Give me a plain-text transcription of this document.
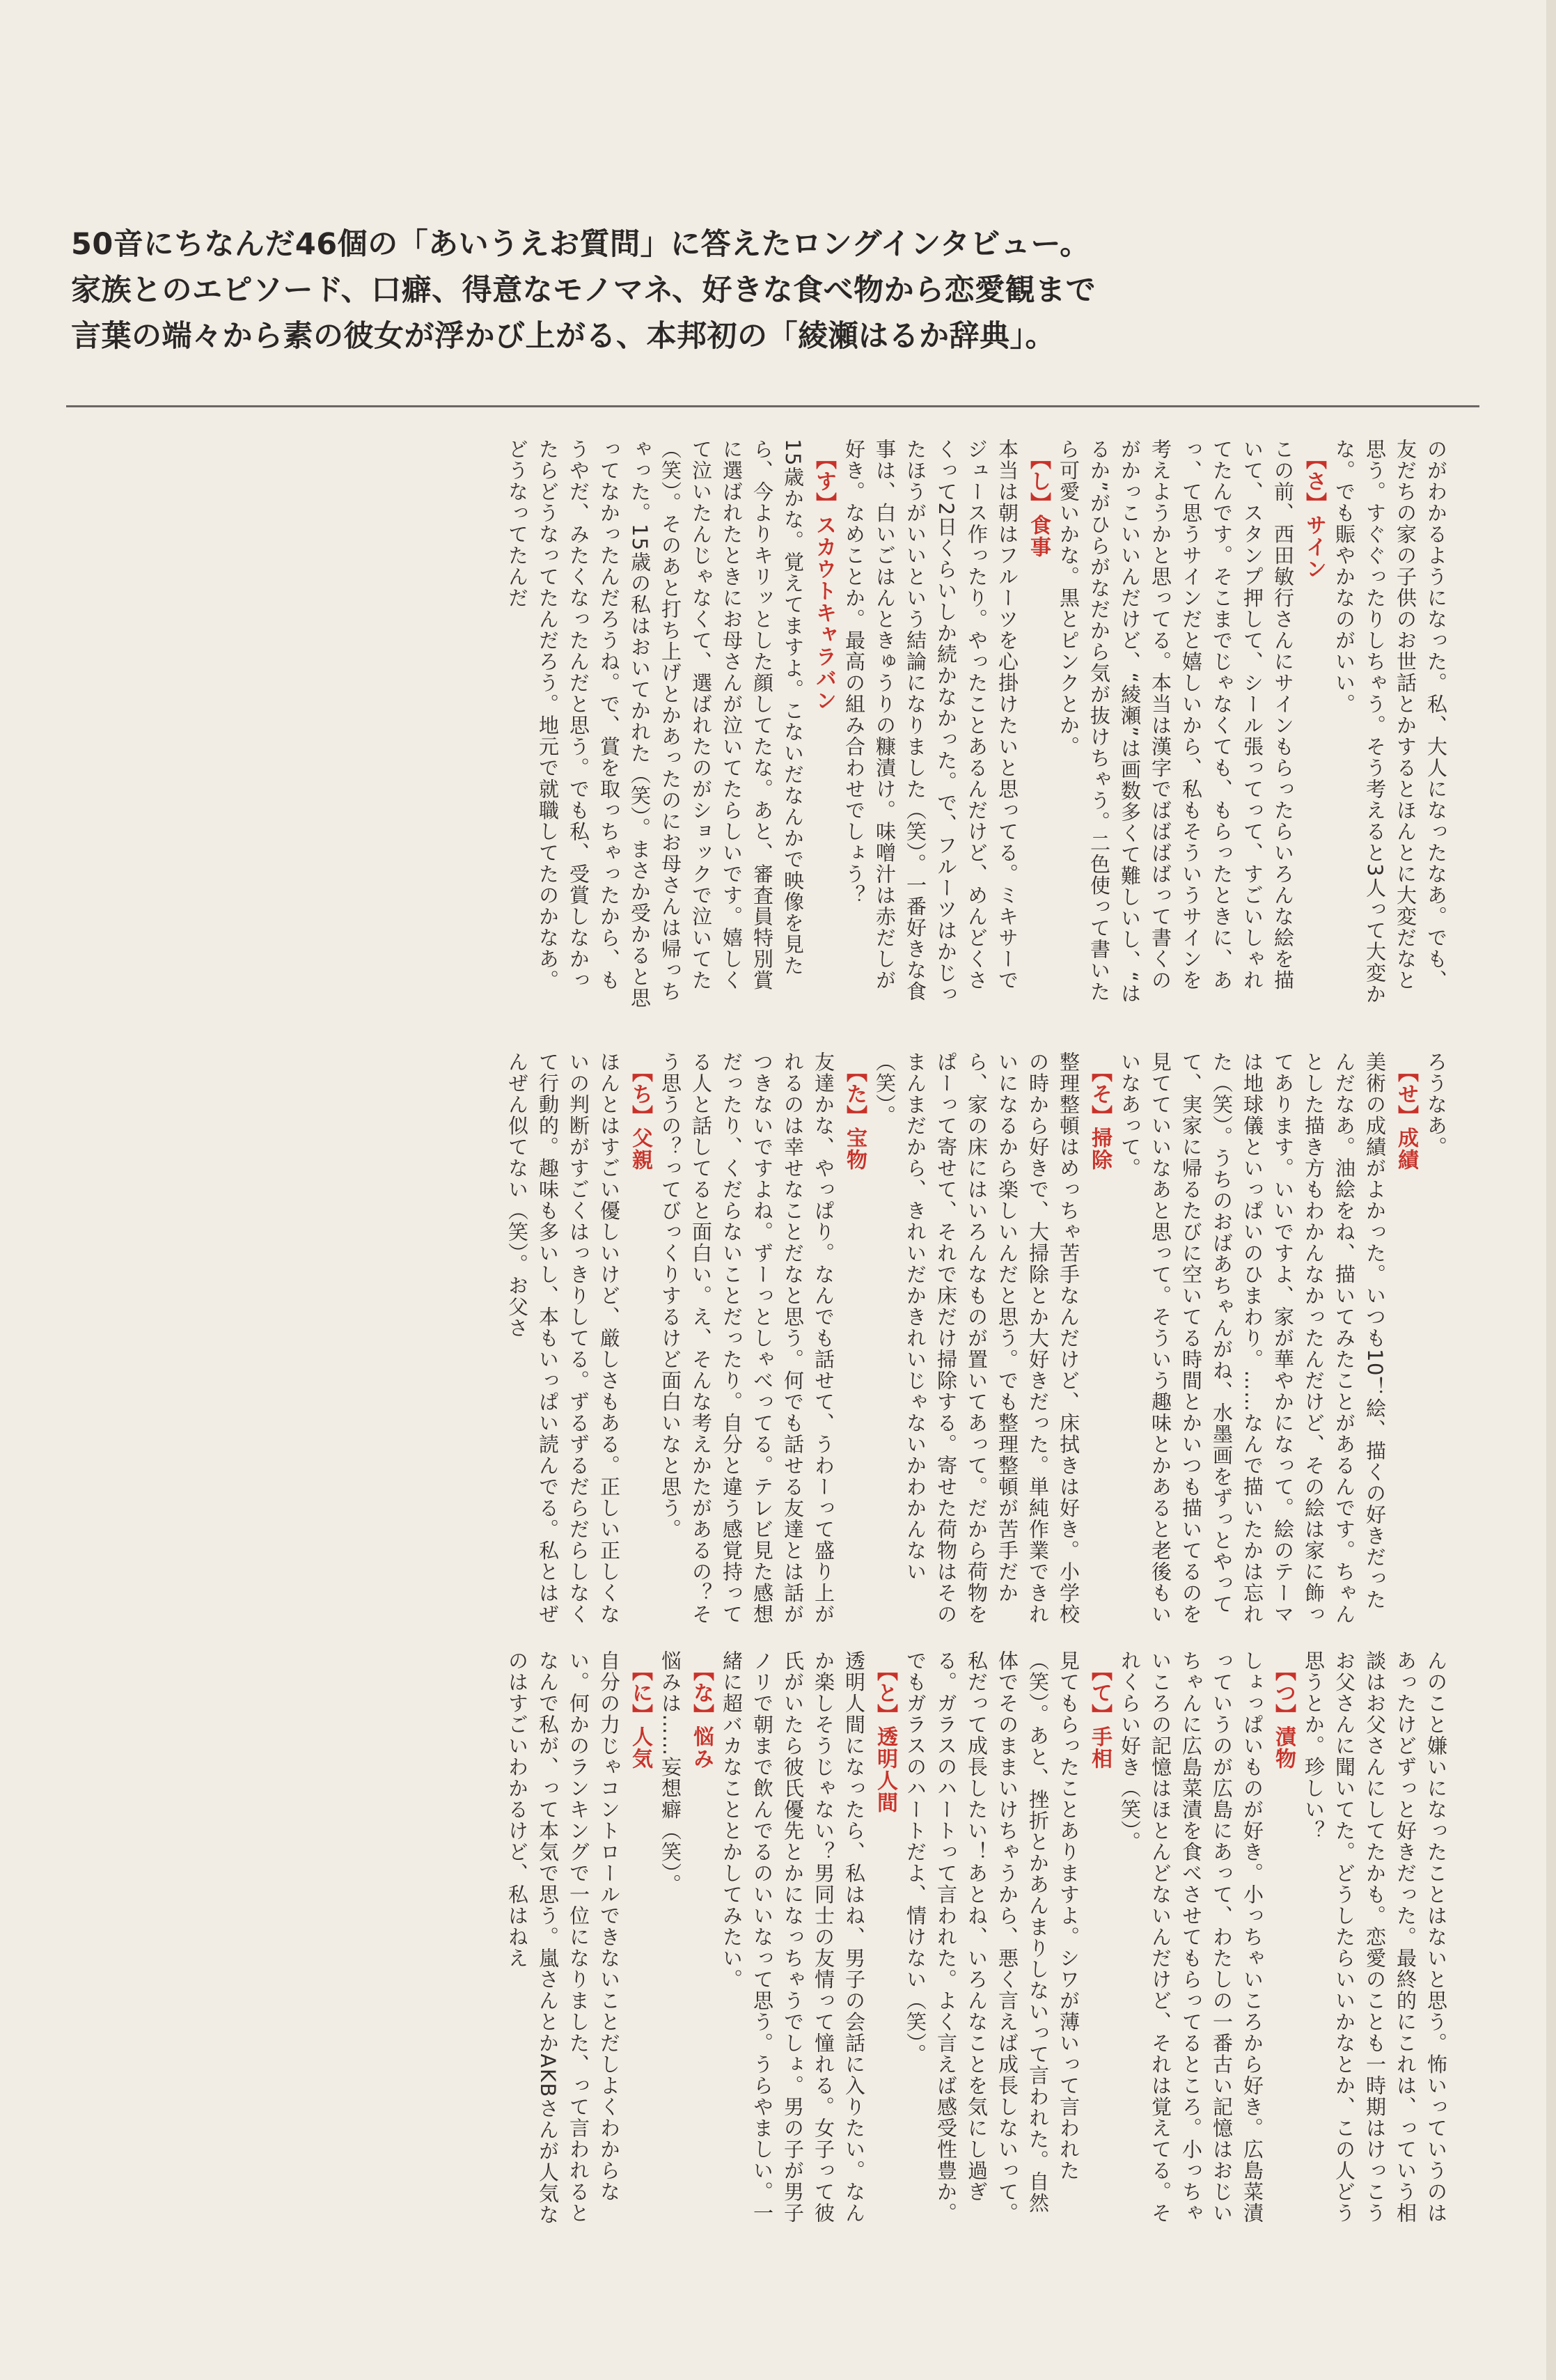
50音にちなんだ46個の「あいうえお質問」に答えたロングインタビュー。
家族とのエピソード、口癖、得意なモノマネ、好きな食べ物から恋愛観まで
言葉の端々から素の彼女が浮かび上がる、本邦初の「綾瀬はるか辞典」。
のがわかるようになった。私、大人になったなあ。でも、友だちの家の子供のお世話とかするとほんとに大変だなと思う。すぐぐったりしちゃう。そう考えると3人って大変かな。でも賑やかなのがいい。
【さ】サイン
この前、西田敏行さんにサインもらったらいろんな絵を描いて、スタンプ押して、シール張ってって、すごいしゃれてたんです。そこまでじゃなくても、もらったときに、あっ、て思うサインだと嬉しいから、私もそういうサインを考えようかと思ってる。本当は漢字でばばばばって書くのがかっこいいんだけど、“綾瀬”は画数多くて難しいし、“はるか”がひらがなだから気が抜けちゃう。二色使って書いたら可愛いかな。黒とピンクとか。
【し】食事
本当は朝はフルーツを心掛けたいと思ってる。ミキサーでジュース作ったり。やったことあるんだけど、めんどくさくって2日くらいしか続かなかった。で、フルーツはかじったほうがいいという結論になりました（笑）。一番好きな食事は、白いごはんときゅうりの糠漬け。味噌汁は赤だしが好き。なめことか。最高の組み合わせでしょう？
【す】スカウトキャラバン
15歳かな。覚えてますよ。こないだなんかで映像を見たら、今よりキリッとした顔してたな。あと、審査員特別賞に選ばれたときにお母さんが泣いてたらしいです。嬉しくて泣いたんじゃなくて、選ばれたのがショックで泣いてた（笑）。そのあと打ち上げとかあったのにお母さんは帰っちゃった。15歳の私はおいてかれた（笑）。まさか受かると思ってなかったんだろうね。で、賞を取っちゃったから、もうやだ、みたくなったんだと思う。でも私、受賞しなかったらどうなってたんだろう。地元で就職してたのかなあ。どうなってたんだ
ろうなあ。
【せ】成績
美術の成績がよかった。いつも10！絵、描くの好きだったんだなあ。油絵をね、描いてみたことがあるんです。ちゃんとした描き方もわかんなかったんだけど、その絵は家に飾ってあります。いいですよ、家が華やかになって。絵のテーマは地球儀といっぱいのひまわり。……なんで描いたかは忘れた（笑）。うちのおばあちゃんがね、水墨画をずっとやってて、実家に帰るたびに空いてる時間とかいつも描いてるのを見てていいなあと思って。そういう趣味とかあると老後もいいなあって。
【そ】掃除
整理整頓はめっちゃ苦手なんだけど、床拭きは好き。小学校の時から好きで、大掃除とか大好きだった。単純作業できれいになるから楽しいんだと思う。でも整理整頓が苦手だから、家の床にはいろんなものが置いてあって。だから荷物をぱーって寄せて、それで床だけ掃除する。寄せた荷物はそのまんまだから、きれいだかきれいじゃないかわかんない（笑）。
【た】宝物
友達かな、やっぱり。なんでも話せて、うわーって盛り上がれるのは幸せなことだなと思う。何でも話せる友達とは話がつきないですよね。ずーっとしゃべってる。テレビ見た感想だったり、くだらないことだったり。自分と違う感覚持ってる人と話してると面白い。え、そんな考えかたがあるの？そう思うの？ってびっくりするけど面白いなと思う。
【ち】父親
ほんとはすごい優しいけど、厳しさもある。正しい正しくないの判断がすごくはっきりしてる。ずるずるだらだらしなくて行動的。趣味も多いし、本もいっぱい読んでる。私とはぜんぜん似てない（笑）。お父さ
んのこと嫌いになったことはないと思う。怖いっていうのはあったけどずっと好きだった。最終的にこれは、っていう相談はお父さんにしてたかも。恋愛のことも一時期はけっこうお父さんに聞いてた。どうしたらいいかなとか、この人どう思うとか。珍しい？
【つ】漬物
しょっぱいものが好き。小っちゃいころから好き。広島菜漬っていうのが広島にあって、わたしの一番古い記憶はおじいちゃんに広島菜漬を食べさせてもらってるところ。小っちゃいころの記憶はほとんどないんだけど、それは覚えてる。それくらい好き（笑）。
【て】手相
見てもらったことありますよ。シワが薄いって言われた（笑）。あと、挫折とかあんまりしないって言われた。自然体でそのままいけちゃうから、悪く言えば成長しないって。私だって成長したい！あとね、いろんなことを気にし過ぎる。ガラスのハートって言われた。よく言えば感受性豊か。でもガラスのハートだよ、情けない（笑）。
【と】透明人間
透明人間になったら、私はね、男子の会話に入りたい。なんか楽しそうじゃない？男同士の友情って憧れる。女子って彼氏がいたら彼氏優先とかになっちゃうでしょ。男の子が男子ノリで朝まで飲んでるのいいなって思う。うらやましい。一緒に超バカなこととかしてみたい。
【な】悩み
悩みは……妄想癖（笑）。
【に】人気
自分の力じゃコントロールできないことだしよくわからない。何かのランキングで一位になりました、って言われるとなんで私が、って本気で思う。嵐さんとかAKBさんが人気なのはすごいわかるけど、私はねえ
